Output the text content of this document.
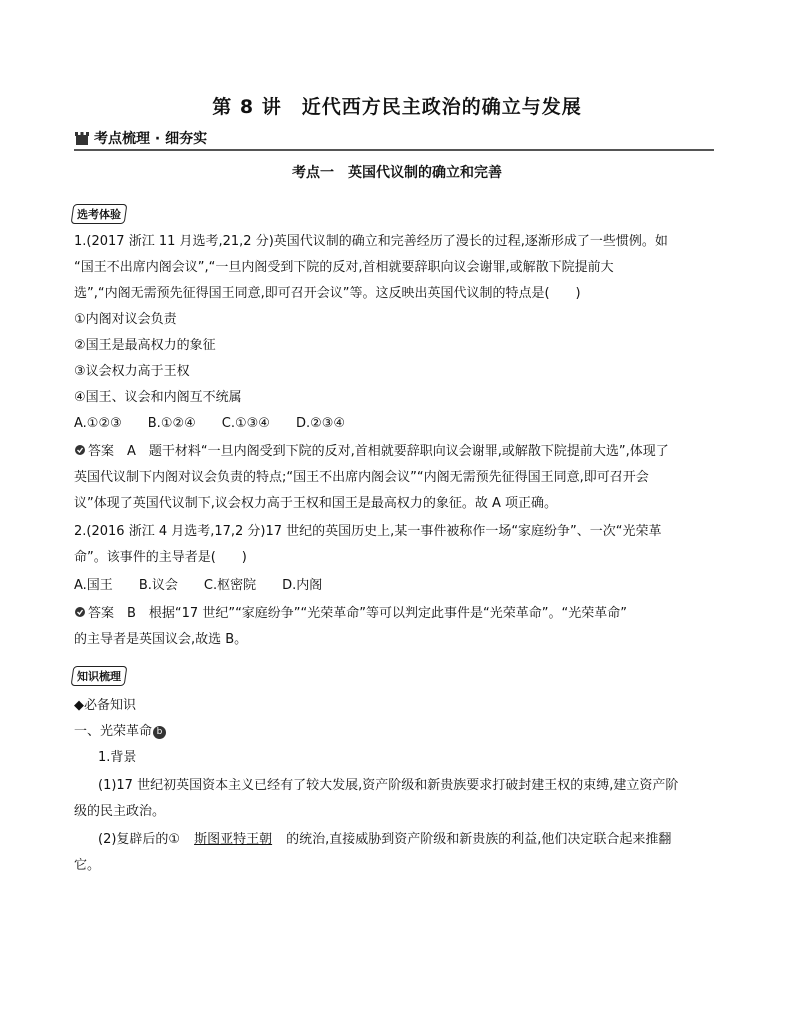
第 8 讲　近代西方民主政治的确立与发展
考点梳理 · 细夯实
考点一　英国代议制的确立和完善
选考体验
1.(2017 浙江 11 月选考,21,2 分)英国代议制的确立和完善经历了漫长的过程,逐渐形成了一些惯例。如
“国王不出席内阁会议”,“一旦内阁受到下院的反对,首相就要辞职向议会谢罪,或解散下院提前大
选”,“内阁无需预先征得国王同意,即可召开会议”等。这反映出英国代议制的特点是(　　)
①内阁对议会负责
②国王是最高权力的象征
③议会权力高于王权
④国王、议会和内阁互不统属
A.①②③ B.①②④ C.①③④ D.②③④
答案　A　题干材料“一旦内阁受到下院的反对,首相就要辞职向议会谢罪,或解散下院提前大选”,体现了
英国代议制下内阁对议会负责的特点;“国王不出席内阁会议”“内阁无需预先征得国王同意,即可召开会
议”体现了英国代议制下,议会权力高于王权和国王是最高权力的象征。故 A 项正确。
2.(2016 浙江 4 月选考,17,2 分)17 世纪的英国历史上,某一事件被称作一场“家庭纷争”、一次“光荣革
命”。该事件的主导者是(　　)
A.国王 B.议会 C.枢密院 D.内阁
答案　B　根据“17 世纪”“家庭纷争”“光荣革命”等可以判定此事件是“光荣革命”。“光荣革命”
的主导者是英国议会,故选 B。
知识梳理
◆必备知识
一、光荣革命 b
1.背景
(1)17 世纪初英国资本主义已经有了较大发展,资产阶级和新贵族要求打破封建王权的束缚,建立资产阶
级的民主政治。
(2)复辟后的① 斯图亚特王朝 的统治,直接威胁到资产阶级和新贵族的利益,他们决定联合起来推翻
它。
